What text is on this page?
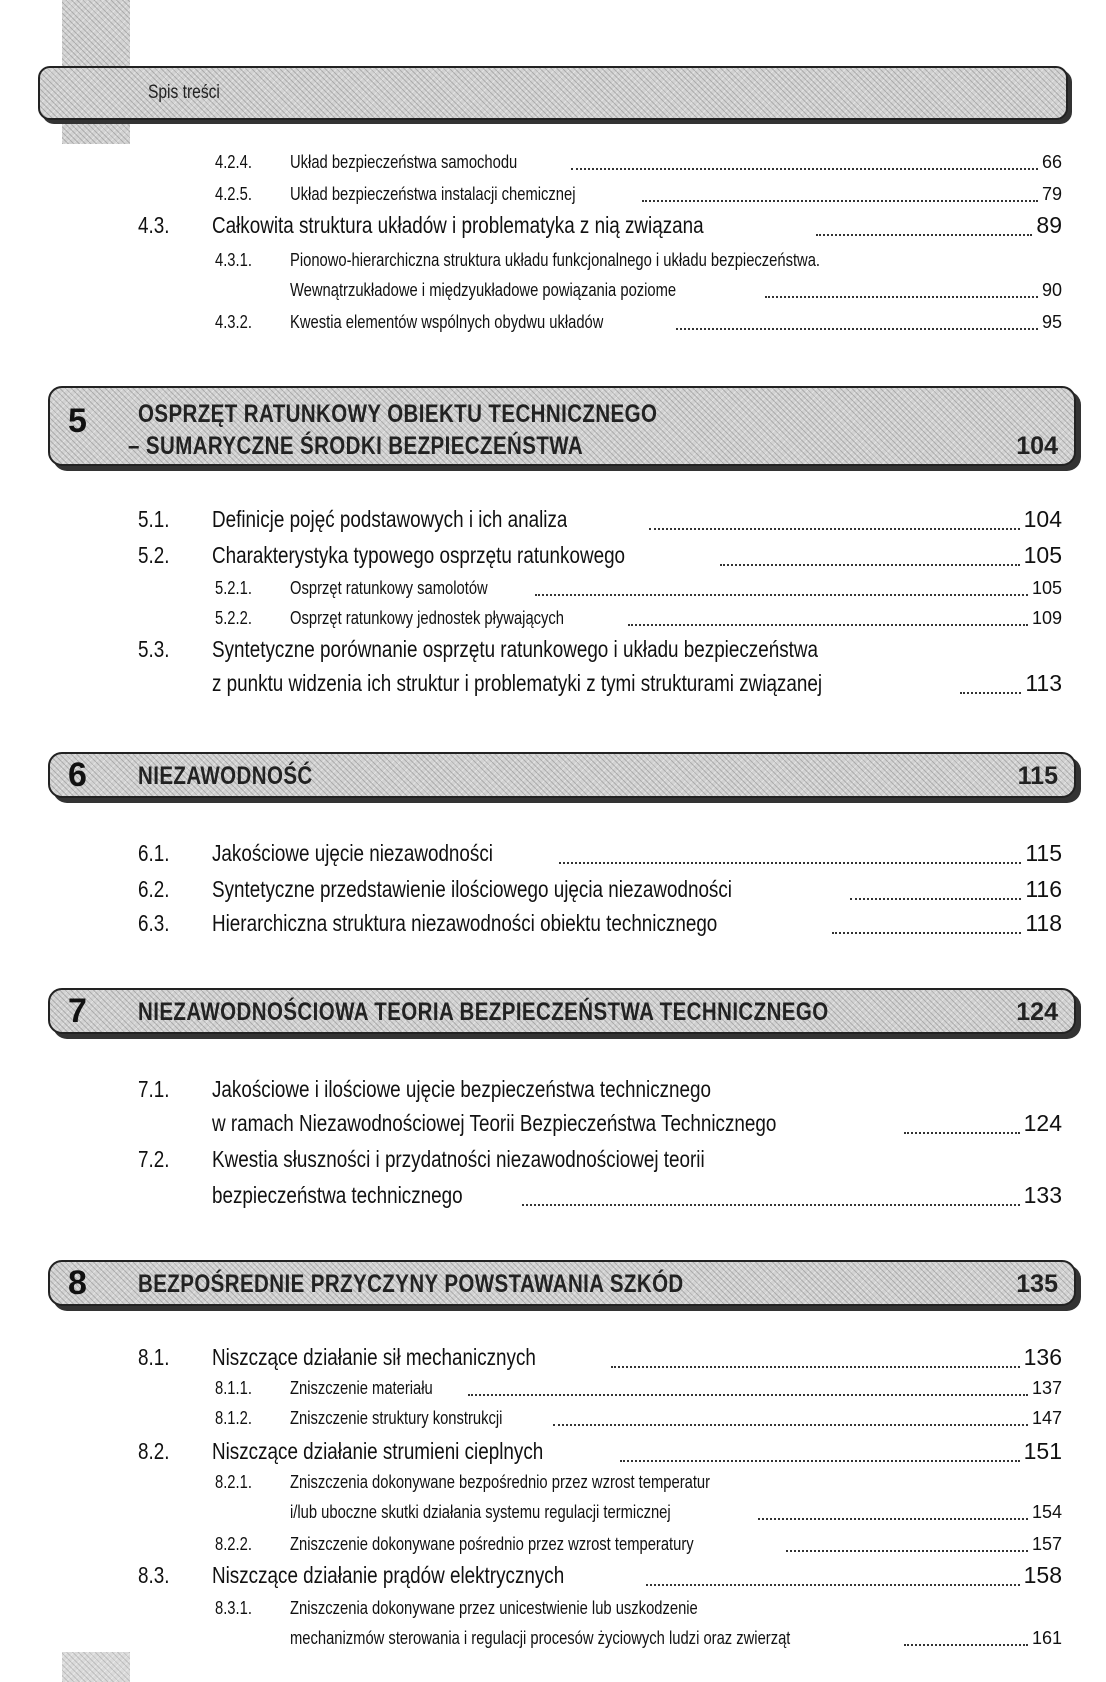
Spis treści
4.2.4.	Układ bezpieczeństwa samochodu	66
4.2.5.	Układ bezpieczeństwa instalacji chemicznej	79
4.3.	Całkowita struktura układów i problematyka z nią związana	89
4.3.1.	Pionowo-hierarchiczna struktura układu funkcjonalnego i układu bezpieczeństwa.
Wewnątrzukładowe i międzyukładowe powiązania poziome	90
4.3.2.	Kwestia elementów wspólnych obydwu układów	95
5 OSPRZĘT RATUNKOWY OBIEKTU TECHNICZNEGO
– SUMARYCZNE ŚRODKI BEZPIECZEŃSTWA	104
5.1.	Definicje pojęć podstawowych i ich analiza	104
5.2.	Charakterystyka typowego osprzętu ratunkowego	105
5.2.1.	Osprzęt ratunkowy samolotów	105
5.2.2.	Osprzęt ratunkowy jednostek pływających	109
5.3.	Syntetyczne porównanie osprzętu ratunkowego i układu bezpieczeństwa
z punktu widzenia ich struktur i problematyki z tymi strukturami związanej	113
6 NIEZAWODNOŚĆ	115
6.1.	Jakościowe ujęcie niezawodności	115
6.2.	Syntetyczne przedstawienie ilościowego ujęcia niezawodności	116
6.3.	Hierarchiczna struktura niezawodności obiektu technicznego	118
7 NIEZAWODNOŚCIOWA TEORIA BEZPIECZEŃSTWA TECHNICZNEGO	124
7.1.	Jakościowe i ilościowe ujęcie bezpieczeństwa technicznego
w ramach Niezawodnościowej Teorii Bezpieczeństwa Technicznego	124
7.2.	Kwestia słuszności i przydatności niezawodnościowej teorii
bezpieczeństwa technicznego	133
8 BEZPOŚREDNIE PRZYCZYNY POWSTAWANIA SZKÓD	135
8.1.	Niszczące działanie sił mechanicznych	136
8.1.1.	Zniszczenie materiału	137
8.1.2.	Zniszczenie struktury konstrukcji	147
8.2.	Niszczące działanie strumieni cieplnych	151
8.2.1.	Zniszczenia dokonywane bezpośrednio przez wzrost temperatur
i/lub uboczne skutki działania systemu regulacji termicznej	154
8.2.2.	Zniszczenie dokonywane pośrednio przez wzrost temperatury	157
8.3.	Niszczące działanie prądów elektrycznych	158
8.3.1.	Zniszczenia dokonywane przez unicestwienie lub uszkodzenie
mechanizmów sterowania i regulacji procesów życiowych ludzi oraz zwierząt	161
